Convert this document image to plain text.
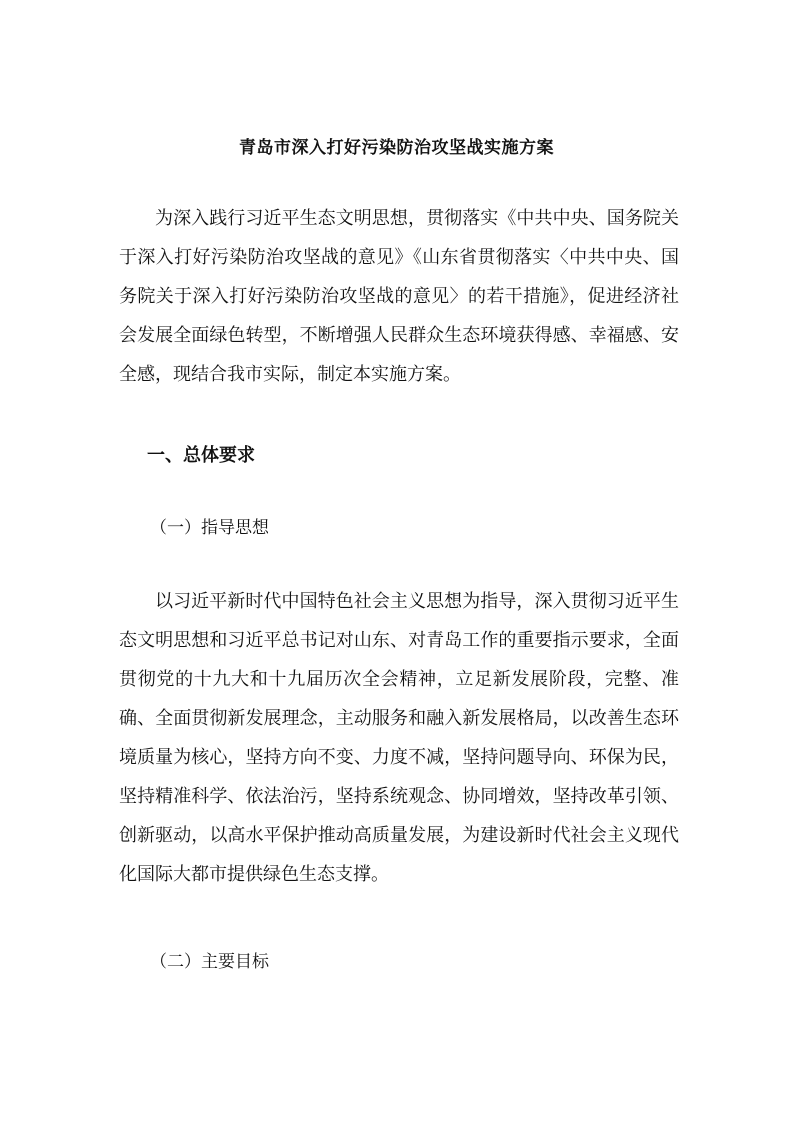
青岛市深入打好污染防治攻坚战实施方案

为深入践行习近平生态文明思想，贯彻落实《中共中央、国务院关于深入打好污染防治攻坚战的意见》《山东省贯彻落实〈中共中央、国务院关于深入打好污染防治攻坚战的意见〉的若干措施》，促进经济社会发展全面绿色转型，不断增强人民群众生态环境获得感、幸福感、安全感，现结合我市实际，制定本实施方案。

一、总体要求
（一）指导思想

以习近平新时代中国特色社会主义思想为指导，深入贯彻习近平生态文明思想和习近平总书记对山东、对青岛工作的重要指示要求，全面贯彻党的十九大和十九届历次全会精神，立足新发展阶段，完整、准确、全面贯彻新发展理念，主动服务和融入新发展格局，以改善生态环境质量为核心，坚持方向不变、力度不减，坚持问题导向、环保为民，坚持精准科学、依法治污，坚持系统观念、协同增效，坚持改革引领、创新驱动，以高水平保护推动高质量发展，为建设新时代社会主义现代化国际大都市提供绿色生态支撑。

（二）主要目标
